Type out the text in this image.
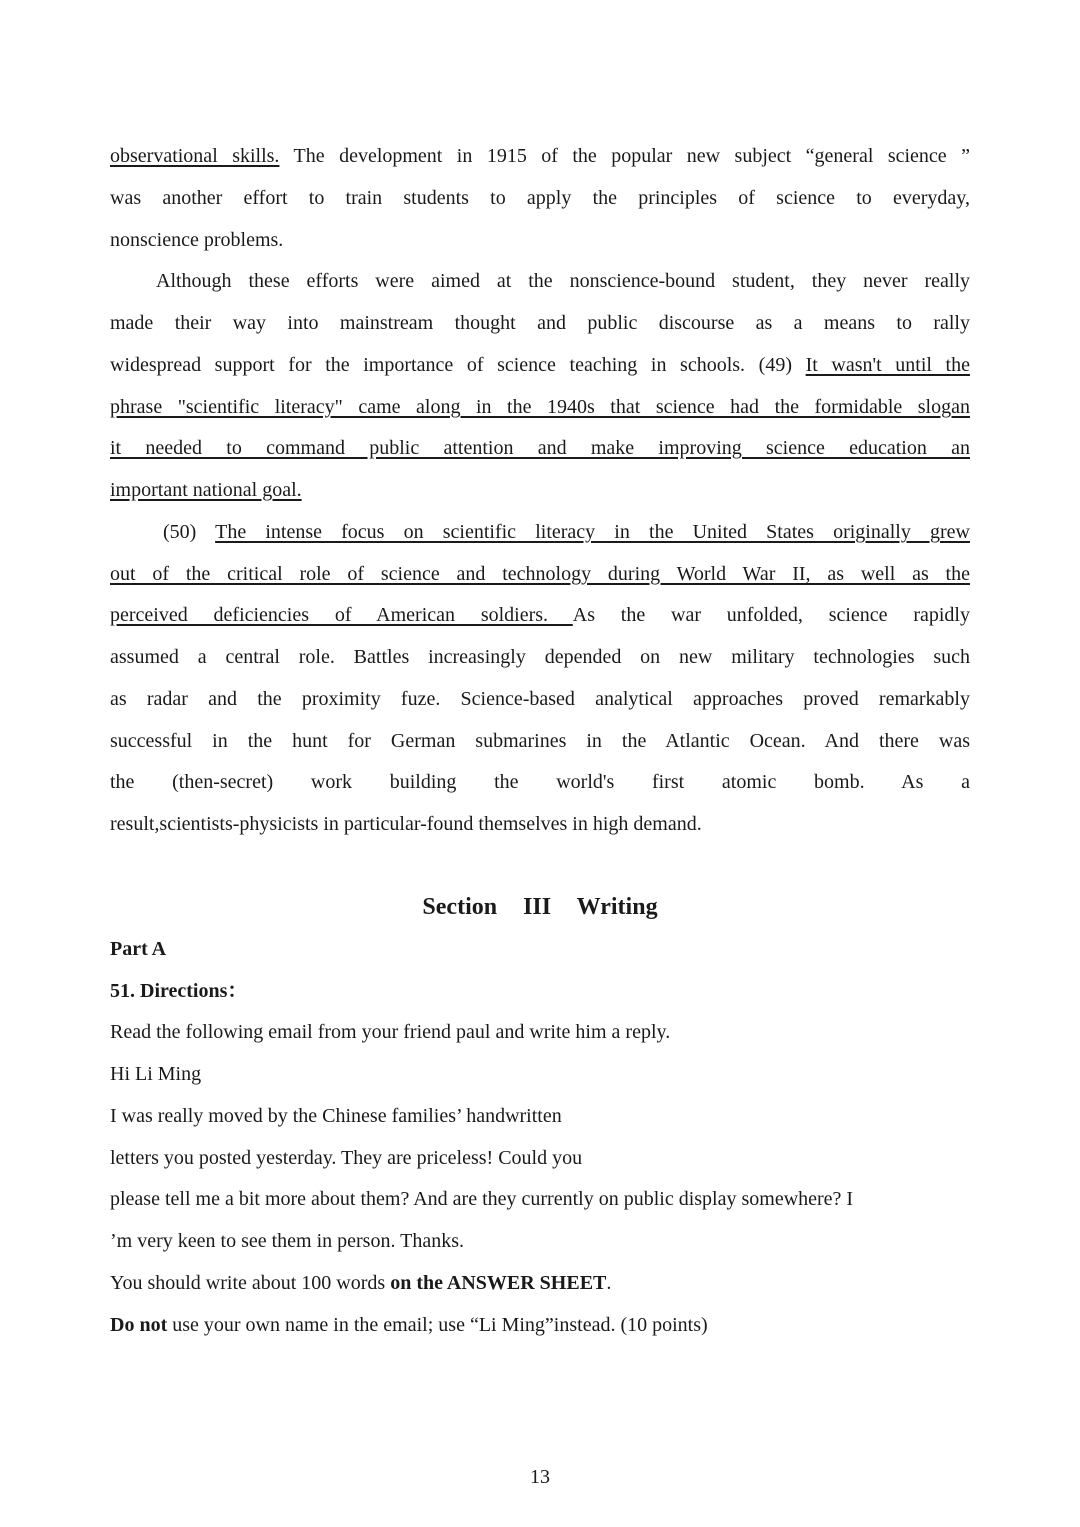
observational skills. The development in 1915 of the popular new subject “general science ”
was another effort to train students to apply the principles of science to everyday,
nonscience problems.
Although these efforts were aimed at the nonscience-bound student, they never really
made their way into mainstream thought and public discourse as a means to rally
widespread support for the importance of science teaching in schools. (49) It wasn't until the
phrase "scientific literacy" came along in the 1940s that science had the formidable slogan
it needed to command public attention and make improving science education an
important national goal.
(50) The intense focus on scientific literacy in the United States originally grew
out of the critical role of science and technology during World War II, as well as the
perceived deficiencies of American soldiers. As the war unfolded, science rapidly
assumed a central role. Battles increasingly depended on new military technologies such
as radar and the proximity fuze. Science-based analytical approaches proved remarkably
successful in the hunt for German submarines in the Atlantic Ocean. And there was
the (then-secret) work building the world's first atomic bomb. As a
result,scientists-physicists in particular-found themselves in high demand.
Section III Writing
Part A
51. Directions：
Read the following email from your friend paul and write him a reply.
Hi Li Ming
I was really moved by the Chinese families’ handwritten
letters you posted yesterday. They are priceless! Could you
please tell me a bit more about them? And are they currently on public display somewhere? I
’m very keen to see them in person. Thanks.
You should write about 100 words on the ANSWER SHEET.
Do not use your own name in the email; use “Li Ming”instead. (10 points)
13
